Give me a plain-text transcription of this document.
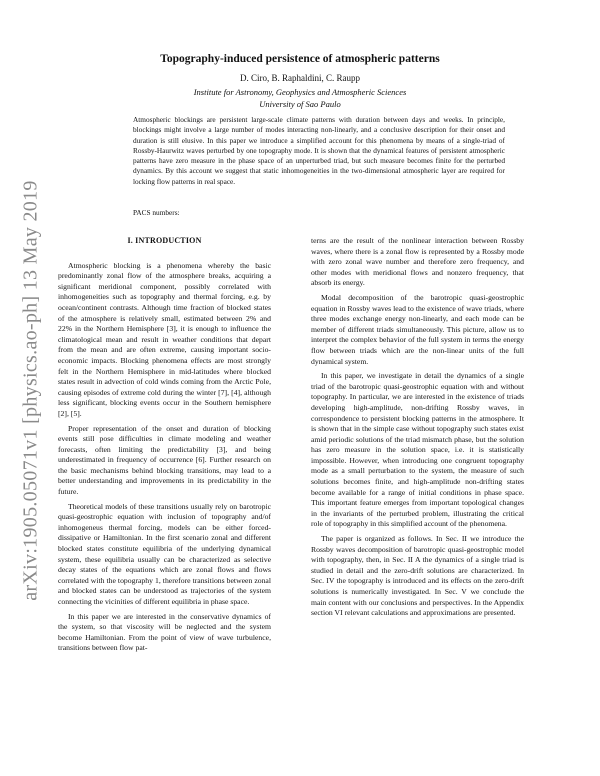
arXiv:1905.05071v1 [physics.ao-ph] 13 May 2019
Topography-induced persistence of atmospheric patterns

D. Ciro, B. Raphaldini, C. Raupp

Institute for Astronomy, Geophysics and Atmospheric Sciences
University of Sao Paulo

Atmospheric blockings are persistent large-scale climate patterns with duration between days and weeks. In principle, blockings might involve a large number of modes interacting non-linearly, and a conclusive description for their onset and duration is still elusive. In this paper we introduce a simplified account for this phenomena by means of a single-triad of Rossby-Haurwitz waves perturbed by one topography mode. It is shown that the dynamical features of persistent atmospheric patterns have zero measure in the phase space of an unperturbed triad, but such measure becomes finite for the perturbed dynamics. By this account we suggest that static inhomogeneities in the two-dimensional atmospheric layer are required for locking flow patterns in real space.

PACS numbers:

I. INTRODUCTION

Atmospheric blocking is a phenomena whereby the basic predominantly zonal flow of the atmosphere breaks, acquiring a significant meridional component, possibly correlated with inhomogeneities such as topography and thermal forcing, e.g. by ocean/continent contrasts. Although time fraction of blocked states of the atmosphere is relatively small, estimated between 2% and 22% in the Northern Hemisphere [3], it is enough to influence the climatological mean and result in weather conditions that depart from the mean and are often extreme, causing important socio-economic impacts. Blocking phenomena effects are most strongly felt in the Northern Hemisphere in mid-latitudes where blocked states result in advection of cold winds coming from the Arctic Pole, causing episodes of extreme cold during the winter [7], [4], although less significant, blocking events occur in the Southern hemisphere [2], [5].

Proper representation of the onset and duration of blocking events still pose difficulties in climate modeling and weather forecasts, often limiting the predictability [3], and being underestimated in frequency of occurrence [6]. Further research on the basic mechanisms behind blocking transitions, may lead to a better understanding and improvements in its predictability in the future.

Theoretical models of these transitions usually rely on barotropic quasi-geostrophic equation with inclusion of topography and/of inhomogeneus thermal forcing, models can be either forced-dissipative or Hamiltonian. In the first scenario zonal and different blocked states constitute equilibria of the underlying dynamical system, these equilibria usually can be characterized as selective decay states of the equations which are zonal flows and flows correlated with the topography 1, therefore transitions between zonal and blocked states can be understood as trajectories of the system connecting the vicinities of different equilibria in phase space.

In this paper we are interested in the conservative dynamics of the system, so that viscosity will be neglected and the system become Hamiltonian. From the point of view of wave turbulence, transitions between flow pat-

terns are the result of the nonlinear interaction between Rossby waves, where there is a zonal flow is represented by a Rossby mode with zero zonal wave number and therefore zero frequency, and other modes with meridional flows and nonzero frequency, that absorb its energy.

Modal decomposition of the barotropic quasi-geostrophic equation in Rossby waves lead to the existence of wave triads, where three modes exchange energy non-linearly, and each mode can be member of different triads simultaneously. This picture, allow us to interpret the complex behavior of the full system in terms the energy flow between triads which are the non-linear units of the full dynamical system.

In this paper, we investigate in detail the dynamics of a single triad of the barotropic quasi-geostrophic equation with and without topography. In particular, we are interested in the existence of triads developing high-amplitude, non-drifting Rossby waves, in correspondence to persistent blocking patterns in the atmosphere. It is shown that in the simple case without topography such states exist amid periodic solutions of the triad mismatch phase, but the solution has zero measure in the solution space, i.e. it is statistically impossible. However, when introducing one congruent topography mode as a small perturbation to the system, the measure of such solutions becomes finite, and high-amplitude non-drifting states become available for a range of initial conditions in phase space. This important feature emerges from important topological changes in the invariants of the perturbed problem, illustrating the critical role of topography in this simplified account of the phenomena.

The paper is organized as follows. In Sec. II we introduce the Rossby waves decomposition of barotropic quasi-geostrophic model with topography, then, in Sec. II A the dynamics of a single triad is studied in detail and the zero-drift solutions are characterized. In Sec. IV the topography is introduced and its effects on the zero-drift solutions is numerically investigated. In Sec. V we conclude the main content with our conclusions and perspectives. In the Appendix section VI relevant calculations and approximations are presented.
